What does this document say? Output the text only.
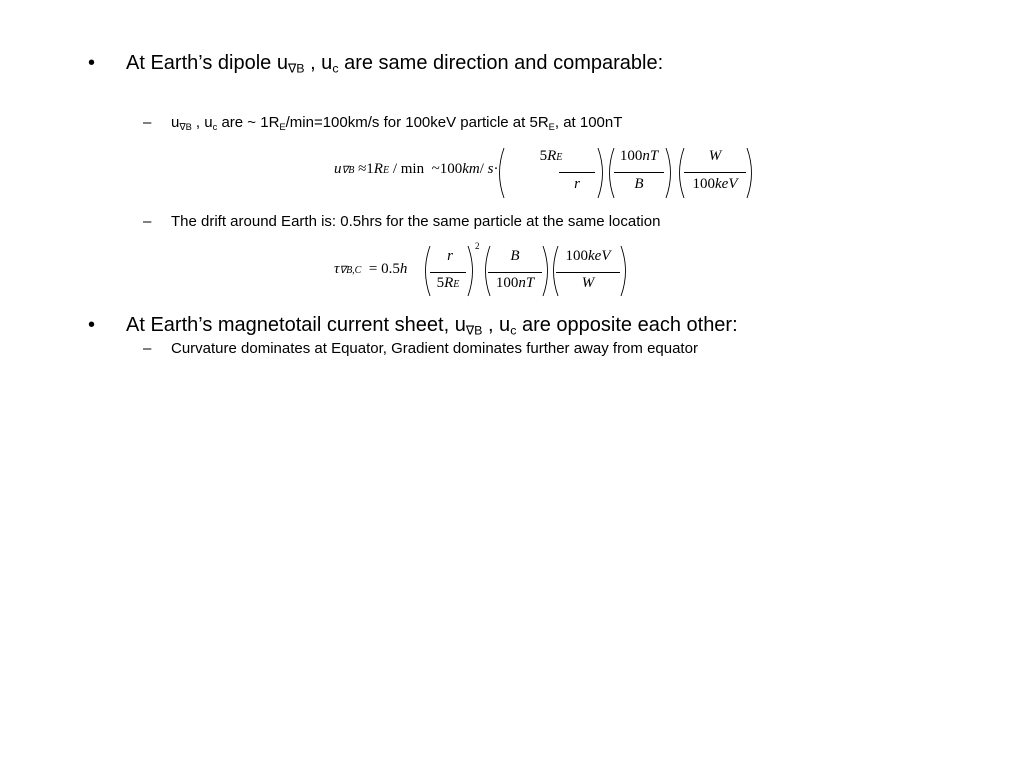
• At Earth’s dipole $u_{\nabla B}$ , $u_c$ are same direction and comparable:
– $u_{\nabla B}$ , $u_c$ are ~ $1R_E/\min=100km/s$ for 100keV particle at $5R_E$, at 100nT
u∇B ≈1RE / min ~100km/ s·
5RE
r
100nT
B
W
100keV
– The drift around Earth is: 0.5hrs for the same particle at the same location
τ∇B,C = 0.5h
r
5RE
2
B
100nT
100keV
W
• At Earth’s magnetotail current sheet, $u_{\nabla B}$ , $u_c$ are opposite each other:
– Curvature dominates at Equator, Gradient dominates further away from equator
